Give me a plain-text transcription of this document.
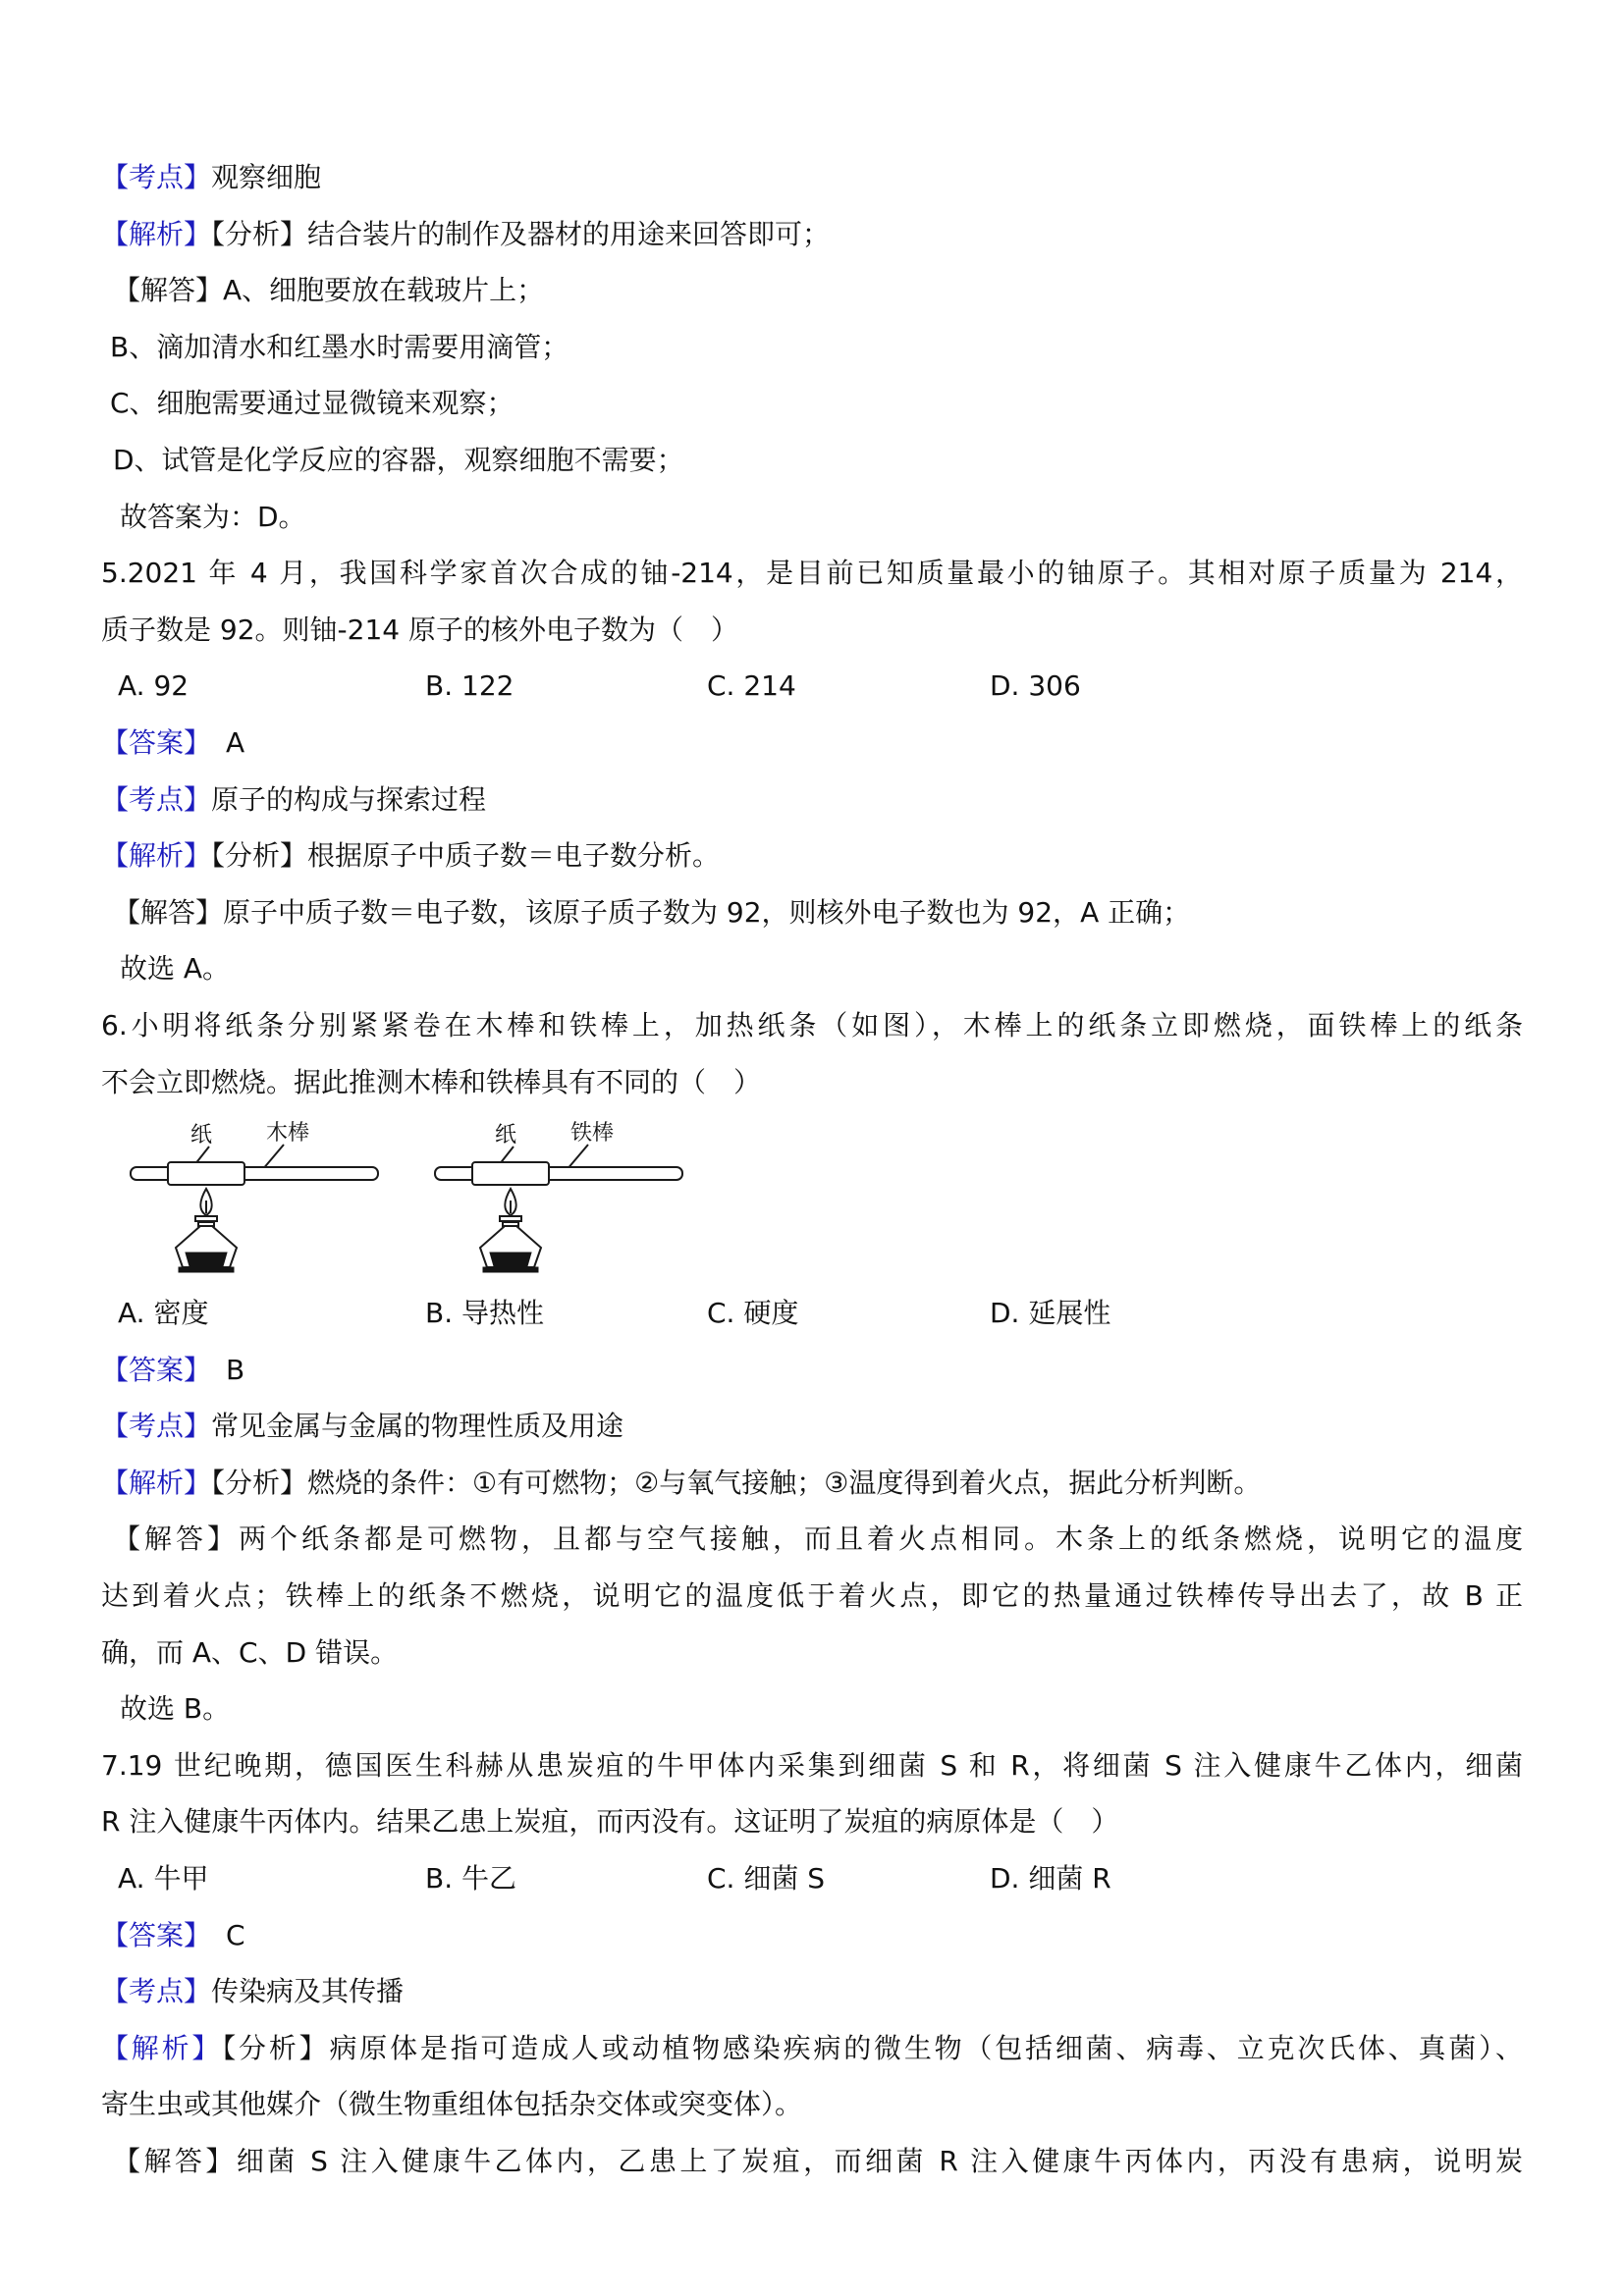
【考点】观察细胞

【解析】【分析】结合装片的制作及器材的用途来回答即可；

【解答】A、细胞要放在载玻片上；

B、滴加清水和红墨水时需要用滴管；

C、细胞需要通过显微镜来观察；

D、试管是化学反应的容器，观察细胞不需要；

故答案为：D。

5.2021 年 4 月，我国科学家首次合成的铀-214，是目前已知质量最小的铀原子。其相对原子质量为 214，

质子数是 92。则铀-214 原子的核外电子数为（　）

A. 92	B. 122	C. 214	D. 306

【答案】 A

【考点】原子的构成与探索过程

【解析】【分析】根据原子中质子数＝电子数分析。

【解答】原子中质子数＝电子数，该原子质子数为 92，则核外电子数也为 92，A 正确；

故选 A。

6.小明将纸条分别紧紧卷在木棒和铁棒上，加热纸条（如图），木棒上的纸条立即燃烧，面铁棒上的纸条

不会立即燃烧。据此推测木棒和铁棒具有不同的（　）

纸 木棒	纸 铁棒
A. 密度	B. 导热性	C. 硬度	D. 延展性

【答案】 B

【考点】常见金属与金属的物理性质及用途

【解析】【分析】燃烧的条件：①有可燃物；②与氧气接触；③温度得到着火点，据此分析判断。

【解答】两个纸条都是可燃物，且都与空气接触，而且着火点相同。木条上的纸条燃烧，说明它的温度

达到着火点；铁棒上的纸条不燃烧，说明它的温度低于着火点，即它的热量通过铁棒传导出去了，故 B 正

确，而 A、C、D 错误。

故选 B。

7.19 世纪晚期，德国医生科赫从患炭疽的牛甲体内采集到细菌 S 和 R，将细菌 S 注入健康牛乙体内，细菌

R 注入健康牛丙体内。结果乙患上炭疽，而丙没有。这证明了炭疽的病原体是（　）

A. 牛甲	B. 牛乙	C. 细菌 S	D. 细菌 R

【答案】 C

【考点】传染病及其传播

【解析】【分析】病原体是指可造成人或动植物感染疾病的微生物（包括细菌、病毒、立克次氏体、真菌）、

寄生虫或其他媒介（微生物重组体包括杂交体或突变体）。

【解答】细菌 S 注入健康牛乙体内，乙患上了炭疽，而细菌 R 注入健康牛丙体内，丙没有患病，说明炭
